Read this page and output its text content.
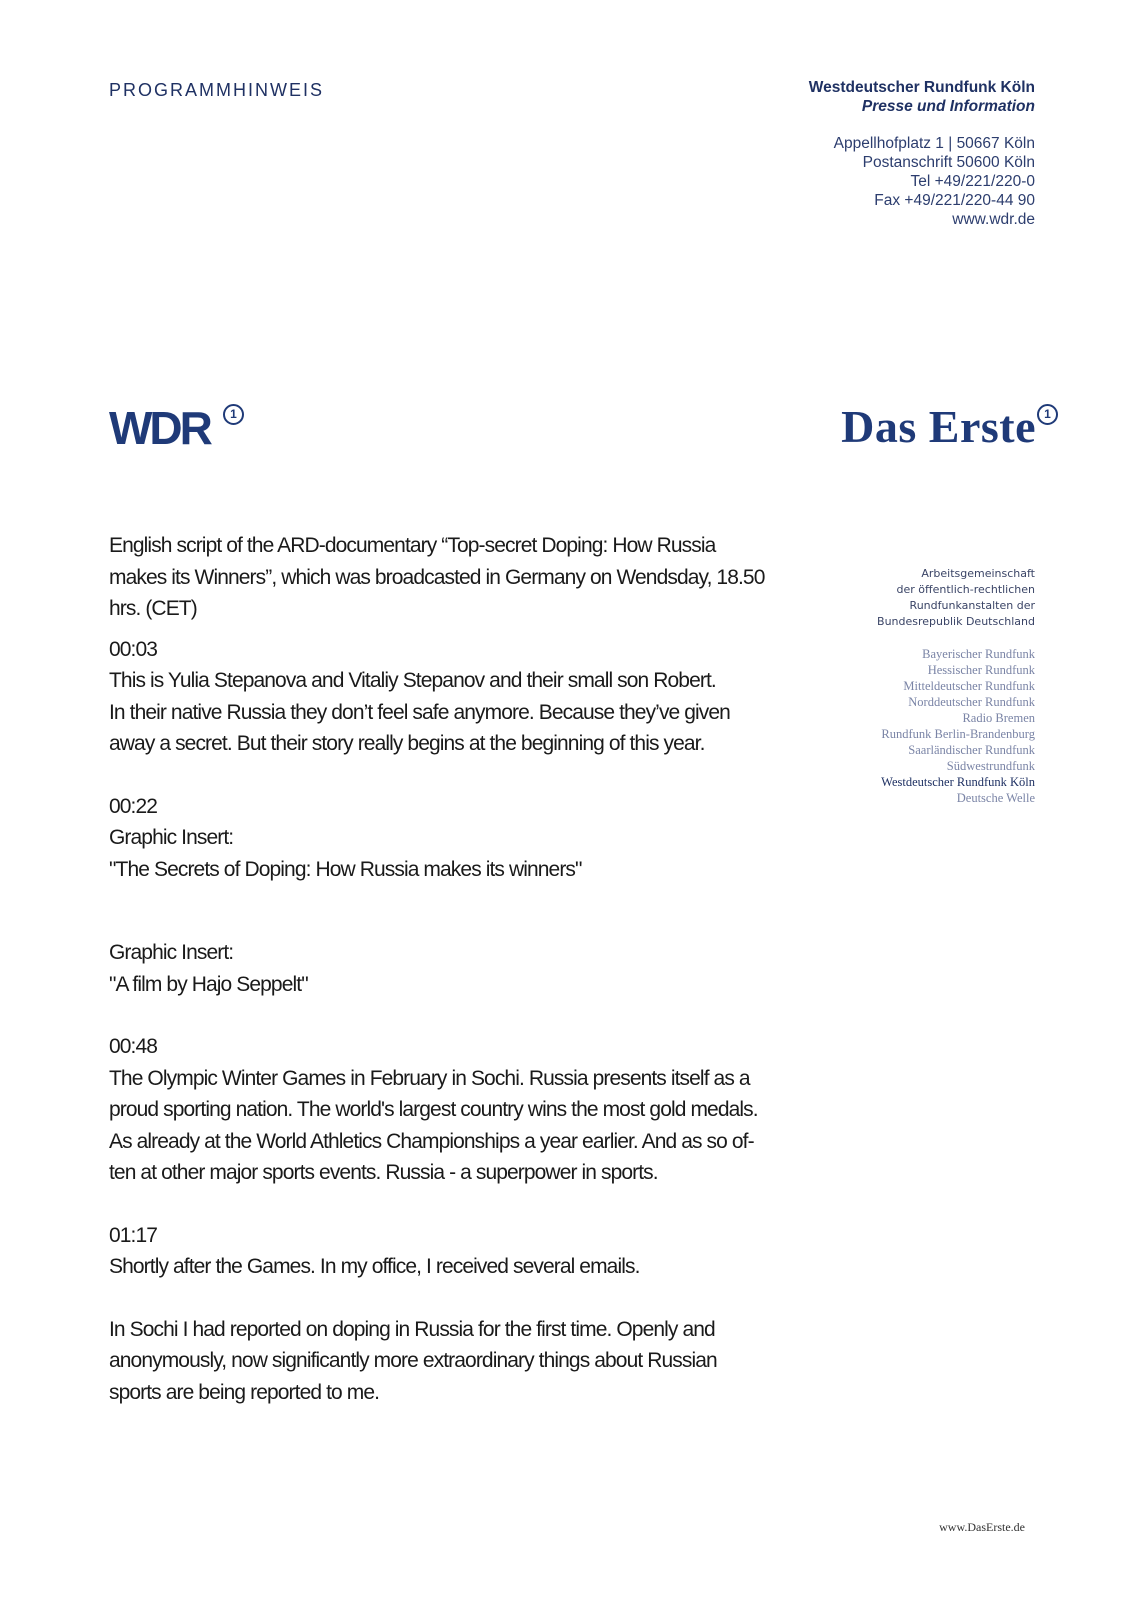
PROGRAMMHINWEIS	Westdeutscher Rundfunk Köln
Presse und Information
Appellhofplatz 1 | 50667 Köln
Postanschrift 50600 Köln
Tel +49/221/220-0
Fax +49/221/220-44 90
www.wdr.de
WDR	1	Das Erste 1
Arbeitsgemeinschaft
der öffentlich-rechtlichen
Rundfunkanstalten der
Bundesrepublik Deutschland
Bayerischer Rundfunk
Hessischer Rundfunk
Mitteldeutscher Rundfunk
Norddeutscher Rundfunk
Radio Bremen
Rundfunk Berlin-Brandenburg
Saarländischer Rundfunk
Südwestrundfunk
Westdeutscher Rundfunk Köln
Deutsche Welle

English script of the ARD-documentary “Top-secret Doping: How Russia

makes its Winners”, which was broadcasted in Germany on Wendsday, 18.50

hrs. (CET)

00:03

This is Yulia Stepanova and Vitaliy Stepanov and their small son Robert.

In their native Russia they don’t feel safe anymore. Because they’ve given

away a secret. But their story really begins at the beginning of this year.

00:22

Graphic Insert:

"The Secrets of Doping: How Russia makes its winners"

Graphic Insert:

"A film by Hajo Seppelt"

00:48

The Olympic Winter Games in February in Sochi. Russia presents itself as a

proud sporting nation. The world's largest country wins the most gold medals.

As already at the World Athletics Championships a year earlier. And as so of-

ten at other major sports events. Russia - a superpower in sports.

01:17

Shortly after the Games. In my office, I received several emails.

In Sochi I had reported on doping in Russia for the first time. Openly and

anonymously, now significantly more extraordinary things about Russian

sports are being reported to me.

www.DasErste.de
